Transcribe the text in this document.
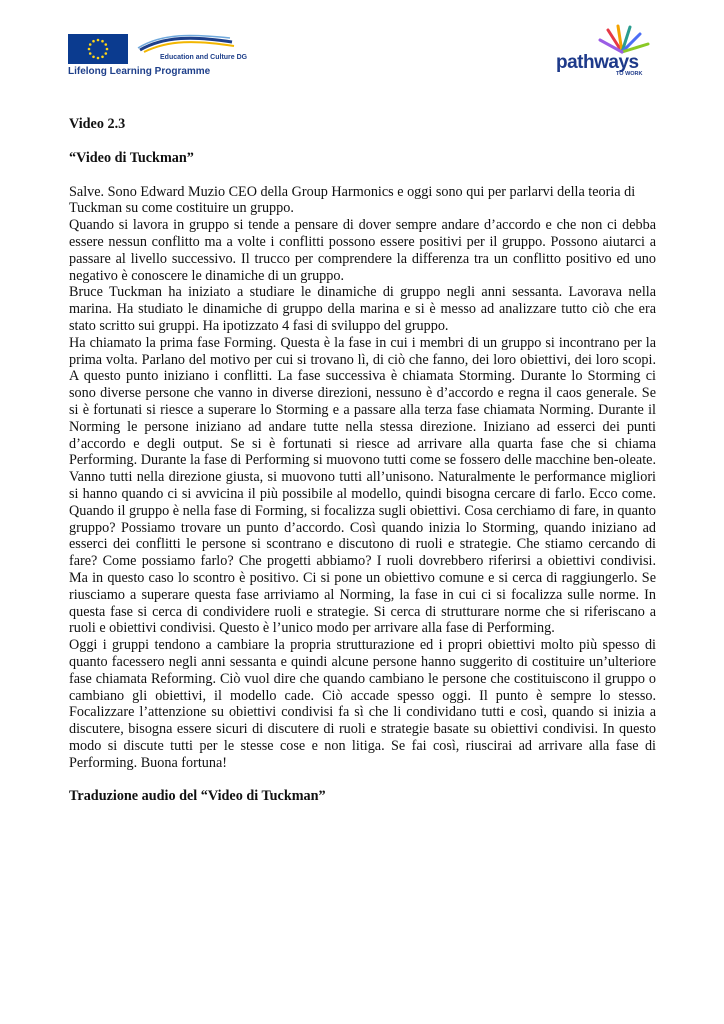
Education and Culture DG
Lifelong Learning Programme	pathways
TO WORK

Video 2.3

“Video di Tuckman”

Salve. Sono Edward Muzio CEO della Group Harmonics e oggi sono qui per parlarvi della teoria di Tuckman su come costituire un gruppo.

Quando si lavora in gruppo si tende a pensare di dover sempre andare d’accordo e che non ci debba essere nessun conflitto ma a volte i conflitti possono essere positivi per il gruppo. Possono aiutarci a passare al livello successivo. Il trucco per comprendere la differenza tra un conflitto positivo ed uno negativo è conoscere le dinamiche di un gruppo.

Bruce Tuckman ha iniziato a studiare le dinamiche di gruppo negli anni sessanta. Lavorava nella marina. Ha studiato le dinamiche di gruppo della marina e si è messo ad analizzare tutto ciò che era stato scritto sui gruppi. Ha ipotizzato 4 fasi di sviluppo del gruppo.

Ha chiamato la prima fase Forming. Questa è la fase in cui i membri di un gruppo si incontrano per la prima volta. Parlano del motivo per cui si trovano lì, di ciò che fanno, dei loro obiettivi, dei loro scopi. A questo punto iniziano i conflitti. La fase successiva è chiamata Storming. Durante lo Storming ci sono diverse persone che vanno in diverse direzioni, nessuno è d’accordo e regna il caos generale. Se si è fortunati si riesce a superare lo Storming e a passare alla terza fase chiamata Norming. Durante il Norming le persone iniziano ad andare tutte nella stessa direzione. Iniziano ad esserci dei punti d’accordo e degli output. Se si è fortunati si riesce ad arrivare alla quarta fase che si chiama Performing. Durante la fase di Performing si muovono tutti come se fossero delle macchine ben-oleate. Vanno tutti nella direzione giusta, si muovono tutti all’unisono. Naturalmente le performance migliori si hanno quando ci si avvicina il più possibile al modello, quindi bisogna cercare di farlo. Ecco come. Quando il gruppo è nella fase di Forming, si focalizza sugli obiettivi. Cosa cerchiamo di fare, in quanto gruppo? Possiamo trovare un punto d’accordo. Così quando inizia lo Storming, quando iniziano ad esserci dei conflitti le persone si scontrano e discutono di ruoli e strategie. Che stiamo cercando di fare? Come possiamo farlo? Che progetti abbiamo? I ruoli dovrebbero riferirsi a obiettivi condivisi. Ma in questo caso lo scontro è positivo. Ci si pone un obiettivo comune e si cerca di raggiungerlo. Se riusciamo a superare questa fase arriviamo al Norming, la fase in cui ci si focalizza sulle norme. In questa fase si cerca di condividere ruoli e strategie. Si cerca di strutturare norme che si riferiscano a ruoli e obiettivi condivisi. Questo è l’unico modo per arrivare alla fase di Performing.

Oggi i gruppi tendono a cambiare la propria strutturazione ed i propri obiettivi molto più spesso di quanto facessero negli anni sessanta e quindi alcune persone hanno suggerito di costituire un’ulteriore fase chiamata Reforming. Ciò vuol dire che quando cambiano le persone che costituiscono il gruppo o cambiano gli obiettivi, il modello cade. Ciò accade spesso oggi. Il punto è sempre lo stesso. Focalizzare l’attenzione su obiettivi condivisi fa sì che li condividano tutti e così, quando si inizia a discutere, bisogna essere sicuri di discutere di ruoli e strategie basate su obiettivi condivisi. In questo modo si discute tutti per le stesse cose e non litiga. Se fai così, riuscirai ad arrivare alla fase di Performing. Buona fortuna!

Traduzione audio del “Video di Tuckman”
